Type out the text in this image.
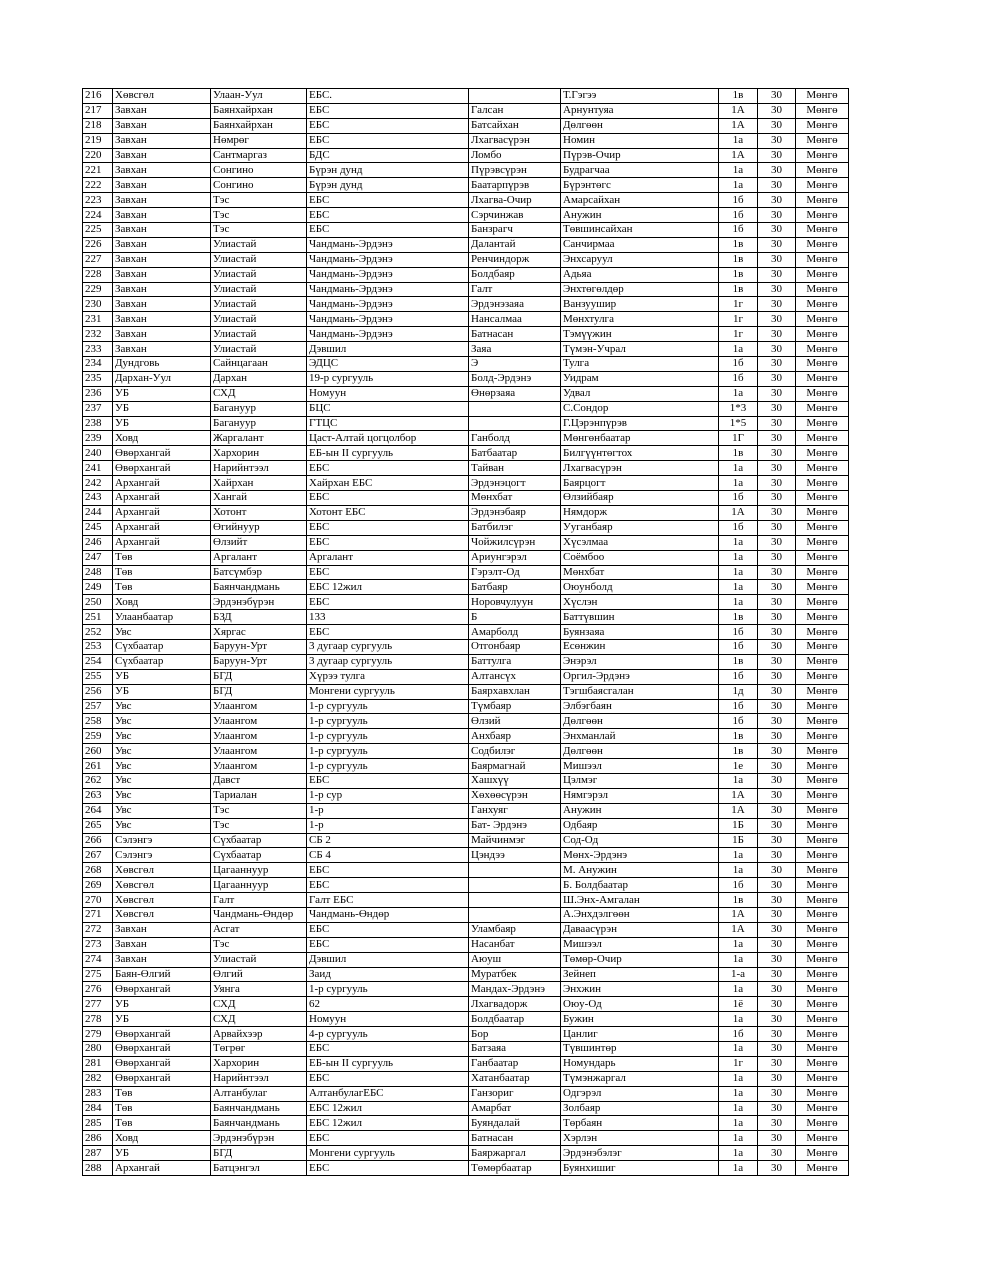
216	Хөвсгөл	Улаан-Уул	ЕБС.		Т.Гэгээ	1в	30	Мөнгө
217	Завхан	Баянхайрхан	ЕБС	Галсан	Арнунтуяа	1А	30	Мөнгө
218	Завхан	Баянхайрхан	ЕБС	Батсайхан	Дөлгөөн	1А	30	Мөнгө
219	Завхан	Нөмрөг	ЕБС	Лхагвасүрэн	Номин	1а	30	Мөнгө
220	Завхан	Сантмаргаз	БДС	Ломбо	Пүрэв-Очир	1А	30	Мөнгө
221	Завхан	Сонгино	Бүрэн дунд	Пүрэвсүрэн	Будрагчаа	1а	30	Мөнгө
222	Завхан	Сонгино	Бүрэн дунд	Баатарпүрэв	Бүрэнтөгс	1а	30	Мөнгө
223	Завхан	Тэс	ЕБС	Лхагва-Очир	Амарсайхан	1б	30	Мөнгө
224	Завхан	Тэс	ЕБС	Сэрчинжав	Анужин	1б	30	Мөнгө
225	Завхан	Тэс	ЕБС	Банзрагч	Төвшинсайхан	1б	30	Мөнгө
226	Завхан	Улиастай	Чандмань-Эрдэнэ	Далантай	Санчирмаа	1в	30	Мөнгө
227	Завхан	Улиастай	Чандмань-Эрдэнэ	Ренчиндорж	Энхсаруул	1в	30	Мөнгө
228	Завхан	Улиастай	Чандмань-Эрдэнэ	Болдбаяр	Адьяа	1в	30	Мөнгө
229	Завхан	Улиастай	Чандмань-Эрдэнэ	Галт	Энхтөгөлдөр	1в	30	Мөнгө
230	Завхан	Улиастай	Чандмань-Эрдэнэ	Эрдэнэзаяа	Ванзуушир	1г	30	Мөнгө
231	Завхан	Улиастай	Чандмань-Эрдэнэ	Нансалмаа	Мөнхтулга	1г	30	Мөнгө
232	Завхан	Улиастай	Чандмань-Эрдэнэ	Батнасан	Тэмүүжин	1г	30	Мөнгө
233	Завхан	Улиастай	Дэвшил	Заяа	Түмэн-Учрал	1а	30	Мөнгө
234	Дундговь	Сайнцагаан	ЭДЦС	Э	Тулга	1б	30	Мөнгө
235	Дархан-Уул	Дархан	19-р сургууль	Болд-Эрдэнэ	Уидрам	1б	30	Мөнгө
236	УБ	СХД	Номуун	Өнөрзаяа	Удвал	1а	30	Мөнгө
237	УБ	Багануур	БЦС		С.Сондор	1*3	30	Мөнгө
238	УБ	Багануур	ГТЦС		Г.Цэрэнпүрэв	1*5	30	Мөнгө
239	Ховд	Жаргалант	Цаст-Алтай цогцолбор	Ганболд	Мөнгөнбаатар	1Г	30	Мөнгө
240	Өвөрхангай	Хархорин	ЕБ-ын II сургууль	Батбаатар	Билгүүнтөгтох	1в	30	Мөнгө
241	Өвөрхангай	Нарийнтээл	ЕБС	Тайван	Лхагвасүрэн	1а	30	Мөнгө
242	Архангай	Хайрхан	Хайрхан ЕБС	Эрдэнэцогт	Баярцогт	1а	30	Мөнгө
243	Архангай	Хангай	ЕБС	Мөнхбат	Өлзийбаяр	1б	30	Мөнгө
244	Архангай	Хотонт	Хотонт ЕБС	Эрдэнэбаяр	Нямдорж	1А	30	Мөнгө
245	Архангай	Өгийнуур	ЕБС	Батбилэг	Ууганбаяр	1б	30	Мөнгө
246	Архангай	Өлзийт	ЕБС	Чойжилсүрэн	Хүсэлмаа	1а	30	Мөнгө
247	Төв	Аргалант	Аргалант	Ариунгэрэл	Соёмбоо	1а	30	Мөнгө
248	Төв	Батсүмбэр	ЕБС	Гэрэлт-Од	Мөнхбат	1а	30	Мөнгө
249	Төв	Баянчандмань	ЕБС 12жил	Батбаяр	Оюунболд	1а	30	Мөнгө
250	Ховд	Эрдэнэбүрэн	ЕБС	Норовчулуун	Хүслэн	1а	30	Мөнгө
251	Улаанбаатар	БЗД	133	Б	Баттүвшин	1в	30	Мөнгө
252	Увс	Хяргас	ЕБС	Амарболд	Буянзаяа	1б	30	Мөнгө
253	Сүхбаатар	Баруун-Урт	3 дугаар сургууль	Отгонбаяр	Есөнжин	1б	30	Мөнгө
254	Сүхбаатар	Баруун-Урт	3 дугаар сургууль	Баттулга	Энэрэл	1в	30	Мөнгө
255	УБ	БГД	Хүрээ тулга	Алтансүх	Оргил-Эрдэнэ	1б	30	Мөнгө
256	УБ	БГД	Монгени сургууль	Баярхавхлан	Тэгшбаясгалан	1д	30	Мөнгө
257	Увс	Улаангом	1-р сургууль	Түмбаяр	Элбэгбаян	1б	30	Мөнгө
258	Увс	Улаангом	1-р сургууль	Өлзий	Дөлгөөн	1б	30	Мөнгө
259	Увс	Улаангом	1-р сургууль	Анхбаяр	Энхманлай	1в	30	Мөнгө
260	Увс	Улаангом	1-р сургууль	Содбилэг	Дөлгөөн	1в	30	Мөнгө
261	Увс	Улаангом	1-р сургууль	Баярмагнай	Мишээл	1е	30	Мөнгө
262	Увс	Давст	ЕБС	Хашхүү	Цэлмэг	1а	30	Мөнгө
263	Увс	Тариалан	1-р сур	Хөхөөсүрэн	Нямгэрэл	1А	30	Мөнгө
264	Увс	Тэс	1-р	Ганхуяг	Анужин	1А	30	Мөнгө
265	Увс	Тэс	1-р	Бат- Эрдэнэ	Одбаяр	1Б	30	Мөнгө
266	Сэлэнгэ	Сүхбаатар	СБ 2	Майчинмэг	Сод-Од	1Б	30	Мөнгө
267	Сэлэнгэ	Сүхбаатар	СБ 4	Цэндээ	Мөнх-Эрдэнэ	1а	30	Мөнгө
268	Хөвсгөл	Цагааннуур	ЕБС		М. Анужин	1а	30	Мөнгө
269	Хөвсгөл	Цагааннуур	ЕБС		Б. Болдбаатар	1б	30	Мөнгө
270	Хөвсгөл	Галт	Галт ЕБС		Ш.Энх-Амгалан	1в	30	Мөнгө
271	Хөвсгөл	Чандмань-Өндөр	Чандмань-Өндөр		А.Энхдэлгөөн	1А	30	Мөнгө
272	Завхан	Асгат	ЕБС	Уламбаяр	Даваасүрэн	1А	30	Мөнгө
273	Завхан	Тэс	ЕБС	Насанбат	Мишээл	1а	30	Мөнгө
274	Завхан	Улиастай	Дэвшил	Аюуш	Төмөр-Очир	1а	30	Мөнгө
275	Баян-Өлгий	Өлгий	Заид	Муратбек	Зейнеп	1-а	30	Мөнгө
276	Өвөрхангай	Уянга	1-р сургууль	Мандах-Эрдэнэ	Энхжин	1а	30	Мөнгө
277	УБ	СХД	62	Лхагвадорж	Оюу-Од	1ё	30	Мөнгө
278	УБ	СХД	Номуун	Болдбаатар	Бужин	1а	30	Мөнгө
279	Өвөрхангай	Арвайхээр	4-р сургууль	Бор	Цанлиг	1б	30	Мөнгө
280	Өвөрхангай	Төгрөг	ЕБС	Батзаяа	Түвшинтөр	1а	30	Мөнгө
281	Өвөрхангай	Хархорин	ЕБ-ын II сургууль	Ганбаатар	Номундарь	1г	30	Мөнгө
282	Өвөрхангай	Нарийнтээл	ЕБС	Хатанбаатар	Түмэнжаргал	1а	30	Мөнгө
283	Төв	Алтанбулаг	АлтанбулагЕБС	Ганзориг	Одгэрэл	1а	30	Мөнгө
284	Төв	Баянчандмань	ЕБС 12жил	Амарбат	Золбаяр	1а	30	Мөнгө
285	Төв	Баянчандмань	ЕБС 12жил	Буяндалай	Төрбаян	1а	30	Мөнгө
286	Ховд	Эрдэнэбүрэн	ЕБС	Батнасан	Хэрлэн	1а	30	Мөнгө
287	УБ	БГД	Монгени сургууль	Баяржаргал	Эрдэнэбэлэг	1а	30	Мөнгө
288	Архангай	Батцэнгэл	ЕБС	Төмөрбаатар	Буянхишиг	1а	30	Мөнгө
